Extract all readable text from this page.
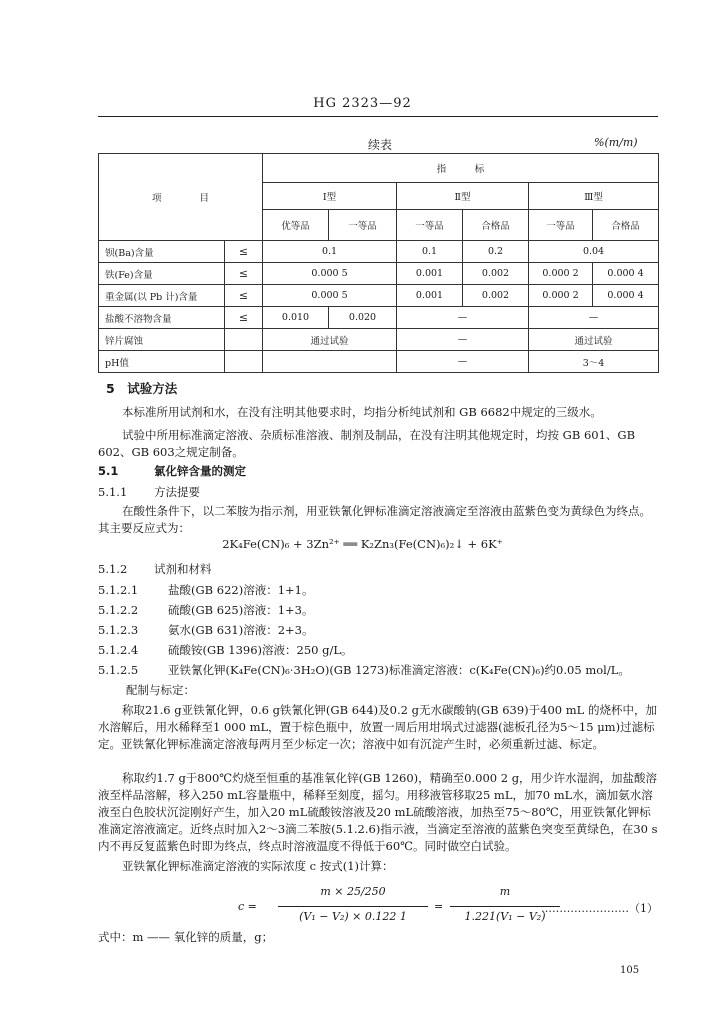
HG 2323—92
续表	%(m/m)
项　　　　目		指　　　标					
		Ⅰ型		Ⅱ型		Ⅲ型	
		优等品	一等品	一等品	合格品	一等品	合格品
钡(Ba)含量	≤	0.1		0.1	0.2	0.04	
铁(Fe)含量	≤	0.000 5		0.001	0.002	0.000 2	0.000 4
重金属(以 Pb 计)含量	≤	0.000 5		0.001	0.002	0.000 2	0.000 4
盐酸不溶物含量	≤	0.010	0.020	—		—	
锌片腐蚀		通过试验		—		通过试验	
pH值				—		3～4	
5　试验方法
本标准所用试剂和水，在没有注明其他要求时，均指分析纯试剂和 GB 6682中规定的三级水。
试验中所用标准滴定溶液、杂质标准溶液、制剂及制品，在没有注明其他规定时，均按 GB 601、GB 602、GB 603之规定制备。
5.1	氯化锌含量的测定
5.1.1 方法提要
在酸性条件下，以二苯胺为指示剂，用亚铁氰化钾标准滴定溶液滴定至溶液由蓝紫色变为黄绿色为终点。其主要反应式为：
2K₄Fe(CN)₆ + 3Zn²⁺ ══ K₂Zn₃(Fe(CN)₆)₂↓ + 6K⁺
5.1.2 试剂和材料
5.1.2.1	盐酸(GB 622)溶液：1+1。
5.1.2.2	硫酸(GB 625)溶液：1+3。
5.1.2.3	氨水(GB 631)溶液：2+3。
5.1.2.4	硫酸铵(GB 1396)溶液：250 g/L。
5.1.2.5	亚铁氰化钾(K₄Fe(CN)₆·3H₂O)(GB 1273)标准滴定溶液：c(K₄Fe(CN)₆)约0.05 mol/L。
配制与标定：
称取21.6 g亚铁氰化钾，0.6 g铁氰化钾(GB 644)及0.2 g无水碳酸钠(GB 639)于400 mL 的烧杯中，加水溶解后，用水稀释至1 000 mL，置于棕色瓶中，放置一周后用坩埚式过滤器(滤板孔径为5～15 μm)过滤标定。亚铁氰化钾标准滴定溶液每两月至少标定一次；溶液中如有沉淀产生时，必须重新过滤、标定。
称取约1.7 g于800℃灼烧至恒重的基准氧化锌(GB 1260)，精确至0.000 2 g，用少许水湿润，加盐酸溶液至样品溶解，移入250 mL容量瓶中，稀释至刻度，摇匀。用移液管移取25 mL，加70 mL水，滴加氨水溶液至白色胶状沉淀刚好产生，加入20 mL硫酸铵溶液及20 mL硫酸溶液，加热至75～80℃，用亚铁氰化钾标准滴定溶液滴定。近终点时加入2～3滴二苯胺(5.1.2.6)指示液，当滴定至溶液的蓝紫色突变至黄绿色，在30 s内不再反复蓝紫色时即为终点，终点时溶液温度不得低于60℃。同时做空白试验。
亚铁氰化钾标准滴定溶液的实际浓度 c 按式(1)计算：
c =
m × 25/250
(V₁ − V₂) × 0.122 1
=
m
1.221(V₁ − V₂)
……………………（1）
式中：m —— 氧化锌的质量，g；
105
